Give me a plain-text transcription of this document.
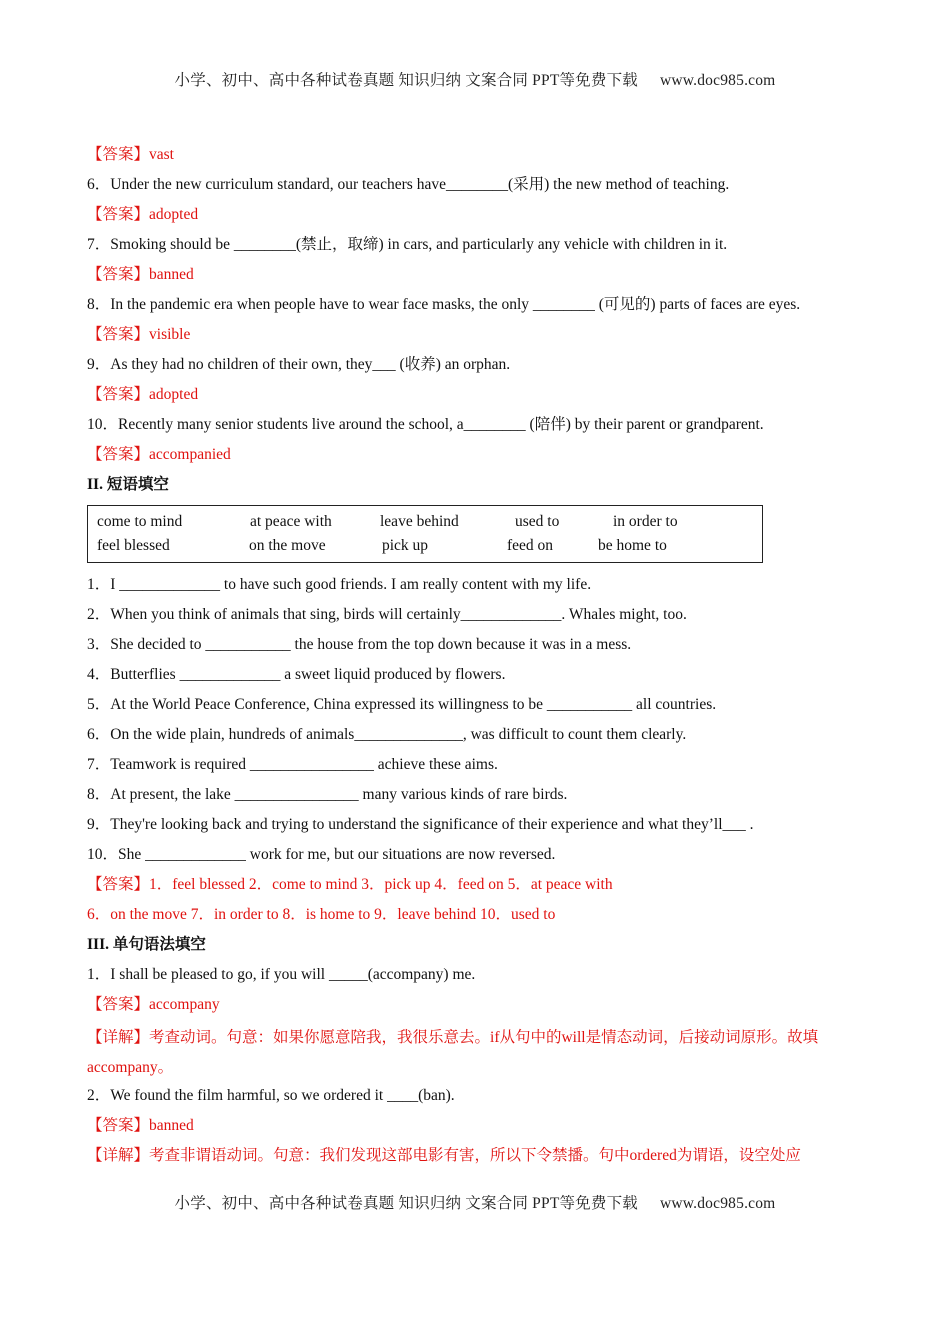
小学、初中、高中各种试卷真题 知识归纳 文案合同 PPT等免费下载 www.doc985.com
【答案】vast
6．Under the new curriculum standard, our teachers have________(采用) the new method of teaching.
【答案】adopted
7．Smoking should be ________(禁止，取缔) in cars, and particularly any vehicle with children in it.
【答案】banned
8．In the pandemic era when people have to wear face masks, the only ________ (可见的) parts of faces are eyes.
【答案】visible
9．As they had no children of their own, they___ (收养) an orphan.
【答案】adopted
10．Recently many senior students live around the school, a________ (陪伴) by their parent or grandparent.
【答案】accompanied
II. 短语填空
come to mind	at peace with	leave behind	used to	in order to
feel blessed	on the move	pick up	feed on	be home to
1．I _____________ to have such good friends. I am really content with my life.
2．When you think of animals that sing, birds will certainly_____________. Whales might, too.
3．She decided to ___________ the house from the top down because it was in a mess.
4．Butterflies _____________ a sweet liquid produced by flowers.
5．At the World Peace Conference, China expressed its willingness to be ___________ all countries.
6．On the wide plain, hundreds of animals______________, was difficult to count them clearly.
7．Teamwork is required ________________ achieve these aims.
8．At present, the lake ________________ many various kinds of rare birds.
9．They're looking back and trying to understand the significance of their experience and what they’ll___ .
10．She _____________ work for me, but our situations are now reversed.
【答案】1．feel blessed 2．come to mind 3．pick up 4．feed on 5．at peace with
6．on the move 7．in order to 8．is home to 9．leave behind 10．used to
III. 单句语法填空
1．I shall be pleased to go, if you will _____(accompany) me.
【答案】accompany
【详解】考查动词。句意：如果你愿意陪我，我很乐意去。if从句中的will是情态动词，后接动词原形。故填accompany。
2．We found the film harmful, so we ordered it ____(ban).
【答案】banned
【详解】考查非谓语动词。句意：我们发现这部电影有害，所以下令禁播。句中ordered为谓语，设空处应
小学、初中、高中各种试卷真题 知识归纳 文案合同 PPT等免费下载 www.doc985.com
